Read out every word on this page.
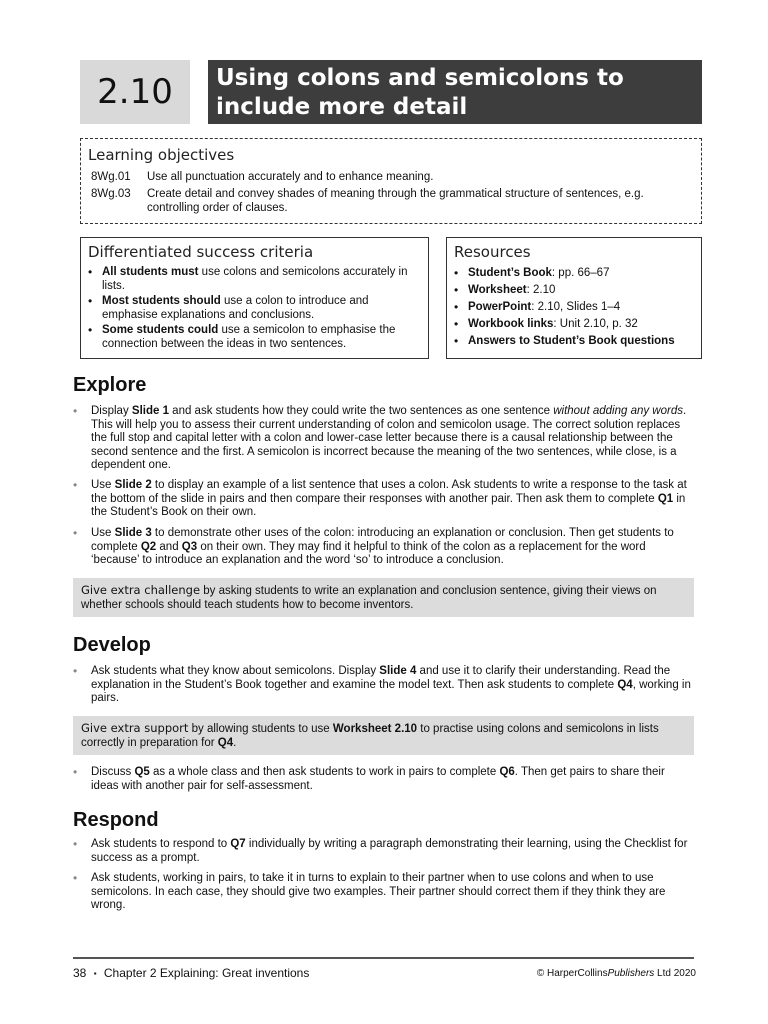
2.10	Using colons and semicolons to include more detail
Learning objectives
8Wg.01	Use all punctuation accurately and to enhance meaning.
8Wg.03	Create detail and convey shades of meaning through the grammatical structure of sentences, e.g. controlling order of clauses.
Differentiated success criteria
• All students must use colons and semicolons accurately in lists.
• Most students should use a colon to introduce and emphasise explanations and conclusions.
• Some students could use a semicolon to emphasise the connection between the ideas in two sentences.
Resources
• Student’s Book: pp. 66–67
• Worksheet: 2.10
• PowerPoint: 2.10, Slides 1–4
• Workbook links: Unit 2.10, p. 32
• Answers to Student’s Book questions
Explore
• Display Slide 1 and ask students how they could write the two sentences as one sentence without adding any words. This will help you to assess their current understanding of colon and semicolon usage. The correct solution replaces the full stop and capital letter with a colon and lower-case letter because there is a causal relationship between the second sentence and the first. A semicolon is incorrect because the meaning of the two sentences, while close, is a dependent one.
• Use Slide 2 to display an example of a list sentence that uses a colon. Ask students to write a response to the task at the bottom of the slide in pairs and then compare their responses with another pair. Then ask them to complete Q1 in the Student’s Book on their own.
• Use Slide 3 to demonstrate other uses of the colon: introducing an explanation or conclusion. Then get students to complete Q2 and Q3 on their own. They may find it helpful to think of the colon as a replacement for the word ‘because’ to introduce an explanation and the word ‘so’ to introduce a conclusion.
Give extra challenge by asking students to write an explanation and conclusion sentence, giving their views on whether schools should teach students how to become inventors.
Develop
• Ask students what they know about semicolons. Display Slide 4 and use it to clarify their understanding. Read the explanation in the Student’s Book together and examine the model text. Then ask students to complete Q4, working in pairs.
Give extra support by allowing students to use Worksheet 2.10 to practise using colons and semicolons in lists correctly in preparation for Q4.
• Discuss Q5 as a whole class and then ask students to work in pairs to complete Q6. Then get pairs to share their ideas with another pair for self-assessment.
Respond
• Ask students to respond to Q7 individually by writing a paragraph demonstrating their learning, using the Checklist for success as a prompt.
• Ask students, working in pairs, to take it in turns to explain to their partner when to use colons and when to use semicolons. In each case, they should give two examples. Their partner should correct them if they think they are wrong.
38 ▪ Chapter 2 Explaining: Great inventions	© HarperCollinsPublishers Ltd 2020
